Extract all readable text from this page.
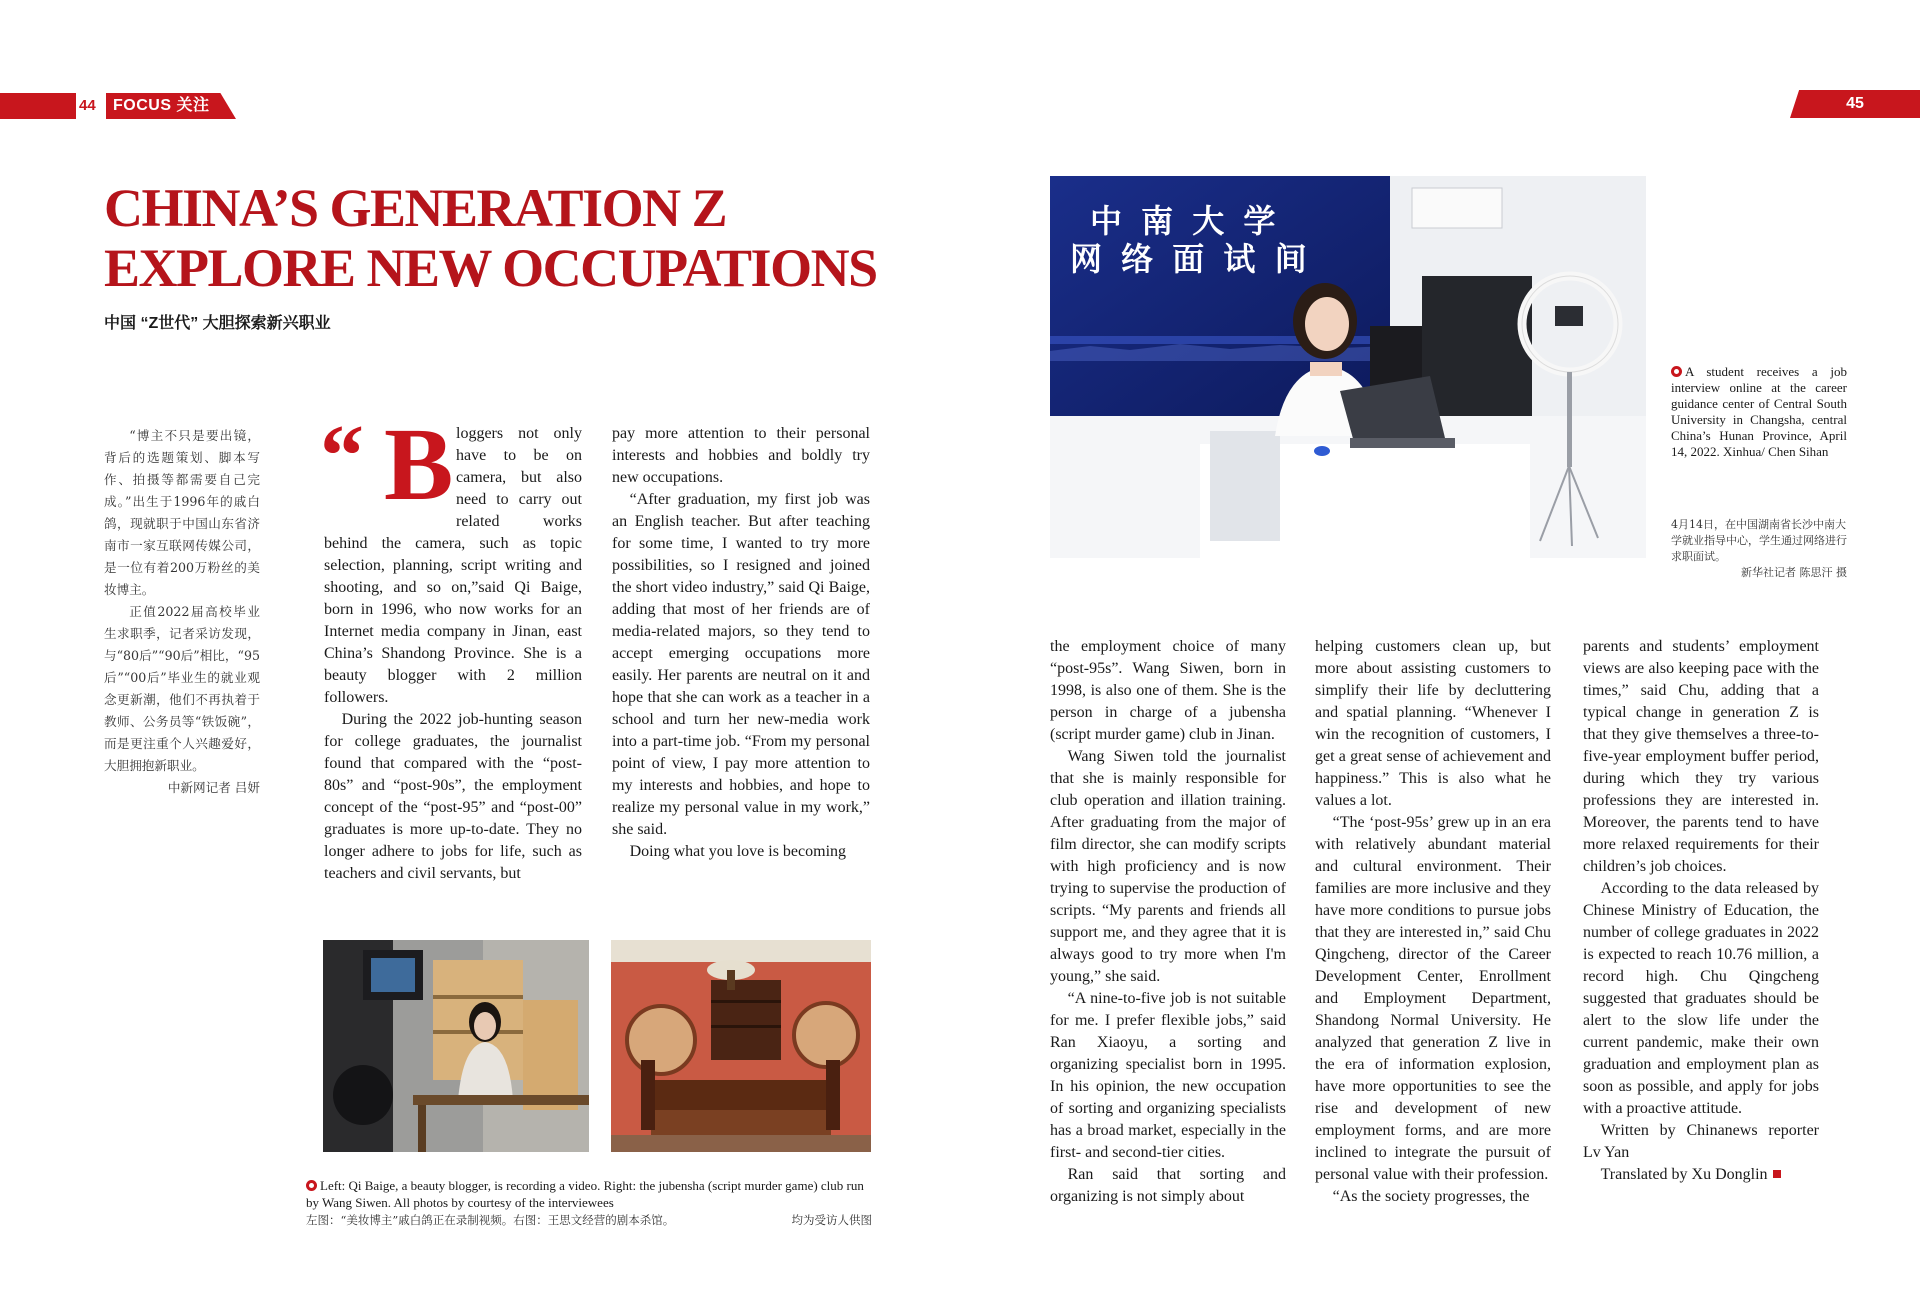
44 FOCUS 关注	45
CHINA’S GENERATION Z
EXPLORE NEW OCCUPATIONS
中国 “Z世代” 大胆探索新兴职业

“博主不只是要出镜，背后的选题策划、脚本写作、拍摄等都需要自己完成。”出生于1996年的戚白鸽，现就职于中国山东省济南市一家互联网传媒公司，是一位有着200万粉丝的美妆博主。

正值2022届高校毕业生求职季，记者采访发现，与“80后”“90后”相比，“95后”“00后”毕业生的就业观念更新潮，他们不再执着于教师、公务员等“铁饭碗”，而是更注重个人兴趣爱好，大胆拥抱新职业。

中新网记者 吕妍

“ B loggers not only have to be on camera, but also need to carry out related works behind the camera, such as topic selection, planning, script writing and shooting, and so on,”said Qi Baige, born in 1996, who now works for an Internet media company in Jinan, east China’s Shandong Province. She is a beauty blogger with 2 million followers.

During the 2022 job-hunting season for college graduates, the journalist found that compared with the “post-80s” and “post-90s”, the employment concept of the “post-95” and “post-00” graduates is more up-to-date. They no longer adhere to jobs for life, such as teachers and civil servants, but

pay more attention to their personal interests and hobbies and boldly try new occupations.

“After graduation, my first job was an English teacher. But after teaching for some time, I wanted to try more possibilities, so I resigned and joined the short video industry,” said Qi Baige, adding that most of her friends are of media-related majors, so they tend to accept emerging occupations more easily. Her parents are neutral on it and hope that she can work as a teacher in a school and turn her new-media work into a part-time job. “From my personal point of view, I pay more attention to my interests and hobbies, and hope to realize my personal value in my work,” she said.

Doing what you love is becoming

中 南 大 学
网 络 面 试 间
A student receives a job interview online at the career guidance center of Central South University in Changsha, central China’s Hunan Province, April 14, 2022. Xinhua/ Chen Sihan
4月14日，在中国湖南省长沙中南大学就业指导中心，学生通过网络进行求职面试。
新华社记者 陈思汗 摄

the employment choice of many “post-95s”. Wang Siwen, born in 1998, is also one of them. She is the person in charge of a jubensha (script murder game) club in Jinan.

Wang Siwen told the journalist that she is mainly responsible for club operation and illation training. After graduating from the major of film director, she can modify scripts with high proficiency and is now trying to supervise the production of scripts. “My parents and friends all support me, and they agree that it is always good to try more when I'm young,” she said.

“A nine-to-five job is not suitable for me. I prefer flexible jobs,” said Ran Xiaoyu, a sorting and organizing specialist born in 1995. In his opinion, the new occupation of sorting and organizing specialists has a broad market, especially in the first- and second-tier cities.

Ran said that sorting and organizing is not simply about

helping customers clean up, but more about assisting customers to simplify their life by decluttering and spatial planning. “Whenever I win the recognition of customers, I get a great sense of achievement and happiness.” This is also what he values a lot.

“The ‘post-95s’ grew up in an era with relatively abundant material and cultural environment. Their families are more inclusive and they have more conditions to pursue jobs that they are interested in,” said Chu Qingcheng, director of the Career Development Center, Enrollment and Employment Department, Shandong Normal University. He analyzed that generation Z live in the era of information explosion, have more opportunities to see the rise and development of new employment forms, and are more inclined to integrate the pursuit of personal value with their profession.

“As the society progresses, the

parents and students’ employment views are also keeping pace with the times,” said Chu, adding that a typical change in generation Z is that they give themselves a three-to-five-year employment buffer period, during which they try various professions they are interested in. Moreover, the parents tend to have more relaxed requirements for their children’s job choices.

According to the data released by Chinese Ministry of Education, the number of college graduates in 2022 is expected to reach 10.76 million, a record high. Chu Qingcheng suggested that graduates should be alert to the slow life under the current pandemic, make their own graduation and employment plan as soon as possible, and apply for jobs with a proactive attitude.

Written by Chinanews reporter Lv Yan

Translated by Xu Donglin

Left: Qi Baige, a beauty blogger, is recording a video. Right: the jubensha (script murder game) club run by Wang Siwen. All photos by courtesy of the interviewees
左图：“美妆博主”戚白鸽正在录制视频。右图：王思文经营的剧本杀馆。	均为受访人供图
